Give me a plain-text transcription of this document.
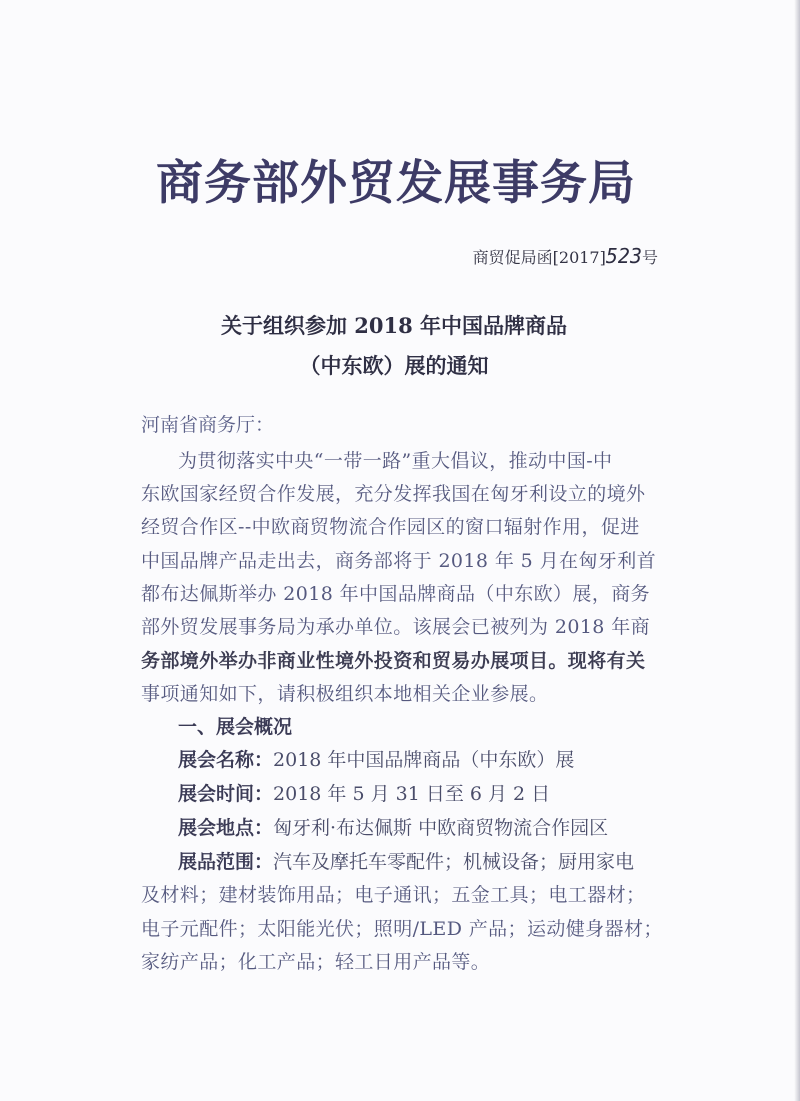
商务部外贸发展事务局
商贸促局函[2017]523号
关于组织参加 2018 年中国品牌商品
（中东欧）展的通知
河南省商务厅：
为贯彻落实中央“一带一路”重大倡议，推动中国-中
东欧国家经贸合作发展，充分发挥我国在匈牙利设立的境外
经贸合作区--中欧商贸物流合作园区的窗口辐射作用，促进
中国品牌产品走出去，商务部将于 2018 年 5 月在匈牙利首
都布达佩斯举办 2018 年中国品牌商品（中东欧）展，商务
部外贸发展事务局为承办单位。该展会已被列为 2018 年商
务部境外举办非商业性境外投资和贸易办展项目。现将有关
事项通知如下，请积极组织本地相关企业参展。
一、展会概况
展会名称：2018 年中国品牌商品（中东欧）展
展会时间：2018 年 5 月 31 日至 6 月 2 日
展会地点：匈牙利·布达佩斯 中欧商贸物流合作园区
展品范围：汽车及摩托车零配件；机械设备；厨用家电
及材料；建材装饰用品；电子通讯；五金工具；电工器材；
电子元配件；太阳能光伏；照明/LED 产品；运动健身器材；
家纺产品；化工产品；轻工日用产品等。
